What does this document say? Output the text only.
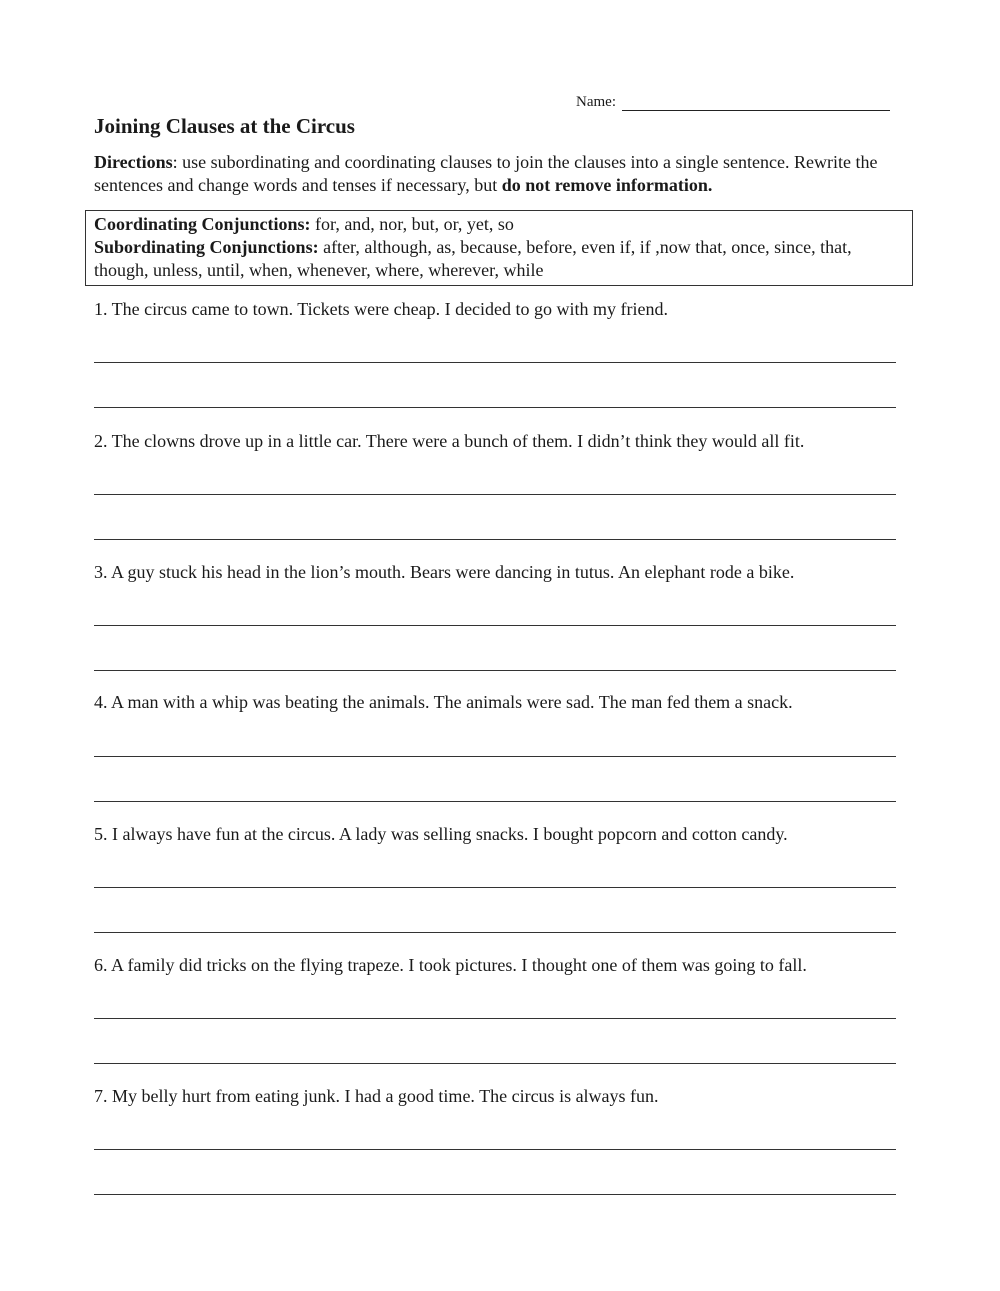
Name:
Joining Clauses at the Circus
Directions: use subordinating and coordinating clauses to join the clauses into a single sentence. Rewrite the sentences and change words and tenses if necessary, but do not remove information.
Coordinating Conjunctions: for, and, nor, but, or, yet, so
Subordinating Conjunctions: after, although, as, because, before, even if, if ,now that, once, since, that, though, unless, until, when, whenever, where, wherever, while
1. The circus came to town. Tickets were cheap. I decided to go with my friend.
2. The clowns drove up in a little car. There were a bunch of them. I didn’t think they would all fit.
3. A guy stuck his head in the lion’s mouth. Bears were dancing in tutus. An elephant rode a bike.
4. A man with a whip was beating the animals. The animals were sad. The man fed them a snack.
5. I always have fun at the circus. A lady was selling snacks. I bought popcorn and cotton candy.
6. A family did tricks on the flying trapeze. I took pictures. I thought one of them was going to fall.
7. My belly hurt from eating junk. I had a good time. The circus is always fun.
